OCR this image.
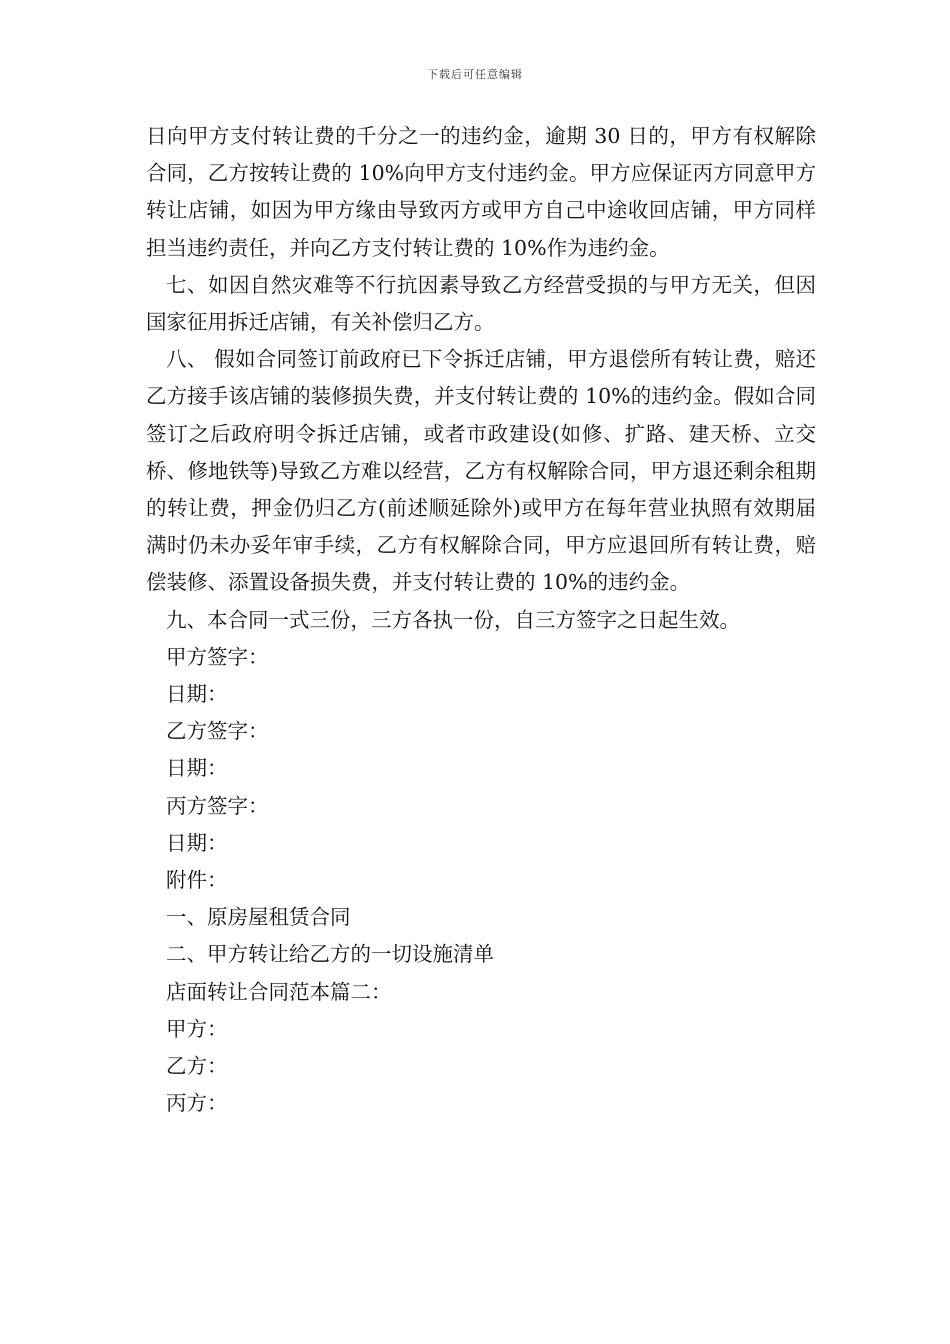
下载后可任意编辑

日向甲方支付转让费的千分之一的违约金，逾期 30 日的，甲方有权解除合同，乙方按转让费的 10%向甲方支付违约金。甲方应保证丙方同意甲方转让店铺，如因为甲方缘由导致丙方或甲方自己中途收回店铺，甲方同样担当违约责任，并向乙方支付转让费的 10%作为违约金。

七、如因自然灾难等不行抗因素导致乙方经营受损的与甲方无关，但因国家征用拆迁店铺，有关补偿归乙方。

八、 假如合同签订前政府已下令拆迁店铺，甲方退偿所有转让费，赔还乙方接手该店铺的装修损失费，并支付转让费的 10%的违约金。假如合同签订之后政府明令拆迁店铺，或者市政建设(如修、扩路、建天桥、立交桥、修地铁等)导致乙方难以经营，乙方有权解除合同，甲方退还剩余租期的转让费，押金仍归乙方(前述顺延除外)或甲方在每年营业执照有效期届满时仍未办妥年审手续，乙方有权解除合同，甲方应退回所有转让费，赔偿装修、添置设备损失费，并支付转让费的 10%的违约金。

九、本合同一式三份，三方各执一份，自三方签字之日起生效。

甲方签字：

日期：

乙方签字：

日期：

丙方签字：

日期：

附件：

一、原房屋租赁合同

二、甲方转让给乙方的一切设施清单

店面转让合同范本篇二：

甲方：

乙方：

丙方：
